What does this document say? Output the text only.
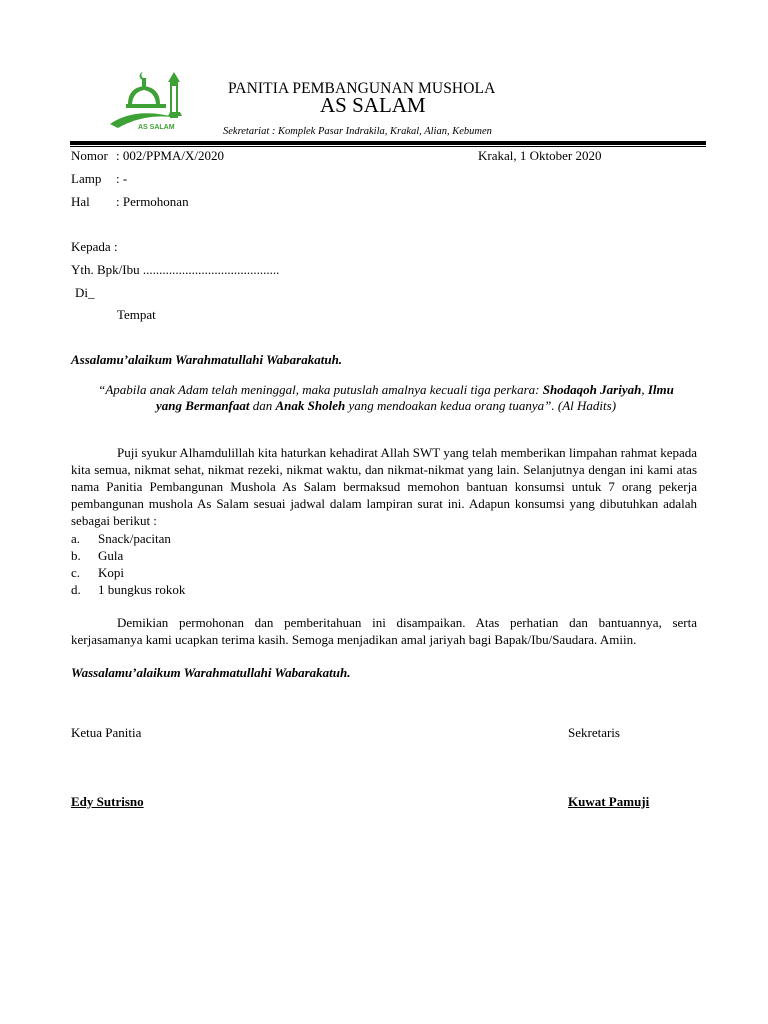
AS SALAM
PANITIA PEMBANGUNAN MUSHOLA
AS SALAM
Sekretariat : Komplek Pasar Indrakila, Krakal, Alian, Kebumen
Nomor : 002/PPMA/X/2020	Krakal, 1 Oktober 2020
Lamp : -
Hal : Permohonan
Kepada :
Yth. Bpk/Ibu ..........................................
Di_
Tempat
Assalamu’alaikum Warahmatullahi Wabarakatuh.
“Apabila anak Adam telah meninggal, maka putuslah amalnya kecuali tiga perkara: Shodaqoh Jariyah, Ilmu yang Bermanfaat dan Anak Sholeh yang mendoakan kedua orang tuanya”. (Al Hadits)
Puji syukur Alhamdulillah kita haturkan kehadirat Allah SWT yang telah memberikan limpahan rahmat kepada kita semua, nikmat sehat, nikmat rezeki, nikmat waktu, dan nikmat-nikmat yang lain. Selanjutnya dengan ini kami atas nama Panitia Pembangunan Mushola As Salam bermaksud memohon bantuan konsumsi untuk 7 orang pekerja pembangunan mushola As Salam sesuai jadwal dalam lampiran surat ini. Adapun konsumsi yang dibutuhkan adalah sebagai berikut :
a. Snack/pacitan
b. Gula
c. Kopi
d. 1 bungkus rokok
Demikian permohonan dan pemberitahuan ini disampaikan. Atas perhatian dan bantuannya, serta kerjasamanya kami ucapkan terima kasih. Semoga menjadikan amal jariyah bagi Bapak/Ibu/Saudara. Amiin.
Wassalamu’alaikum Warahmatullahi Wabarakatuh.
Ketua Panitia	Sekretaris
Edy Sutrisno	Kuwat Pamuji
